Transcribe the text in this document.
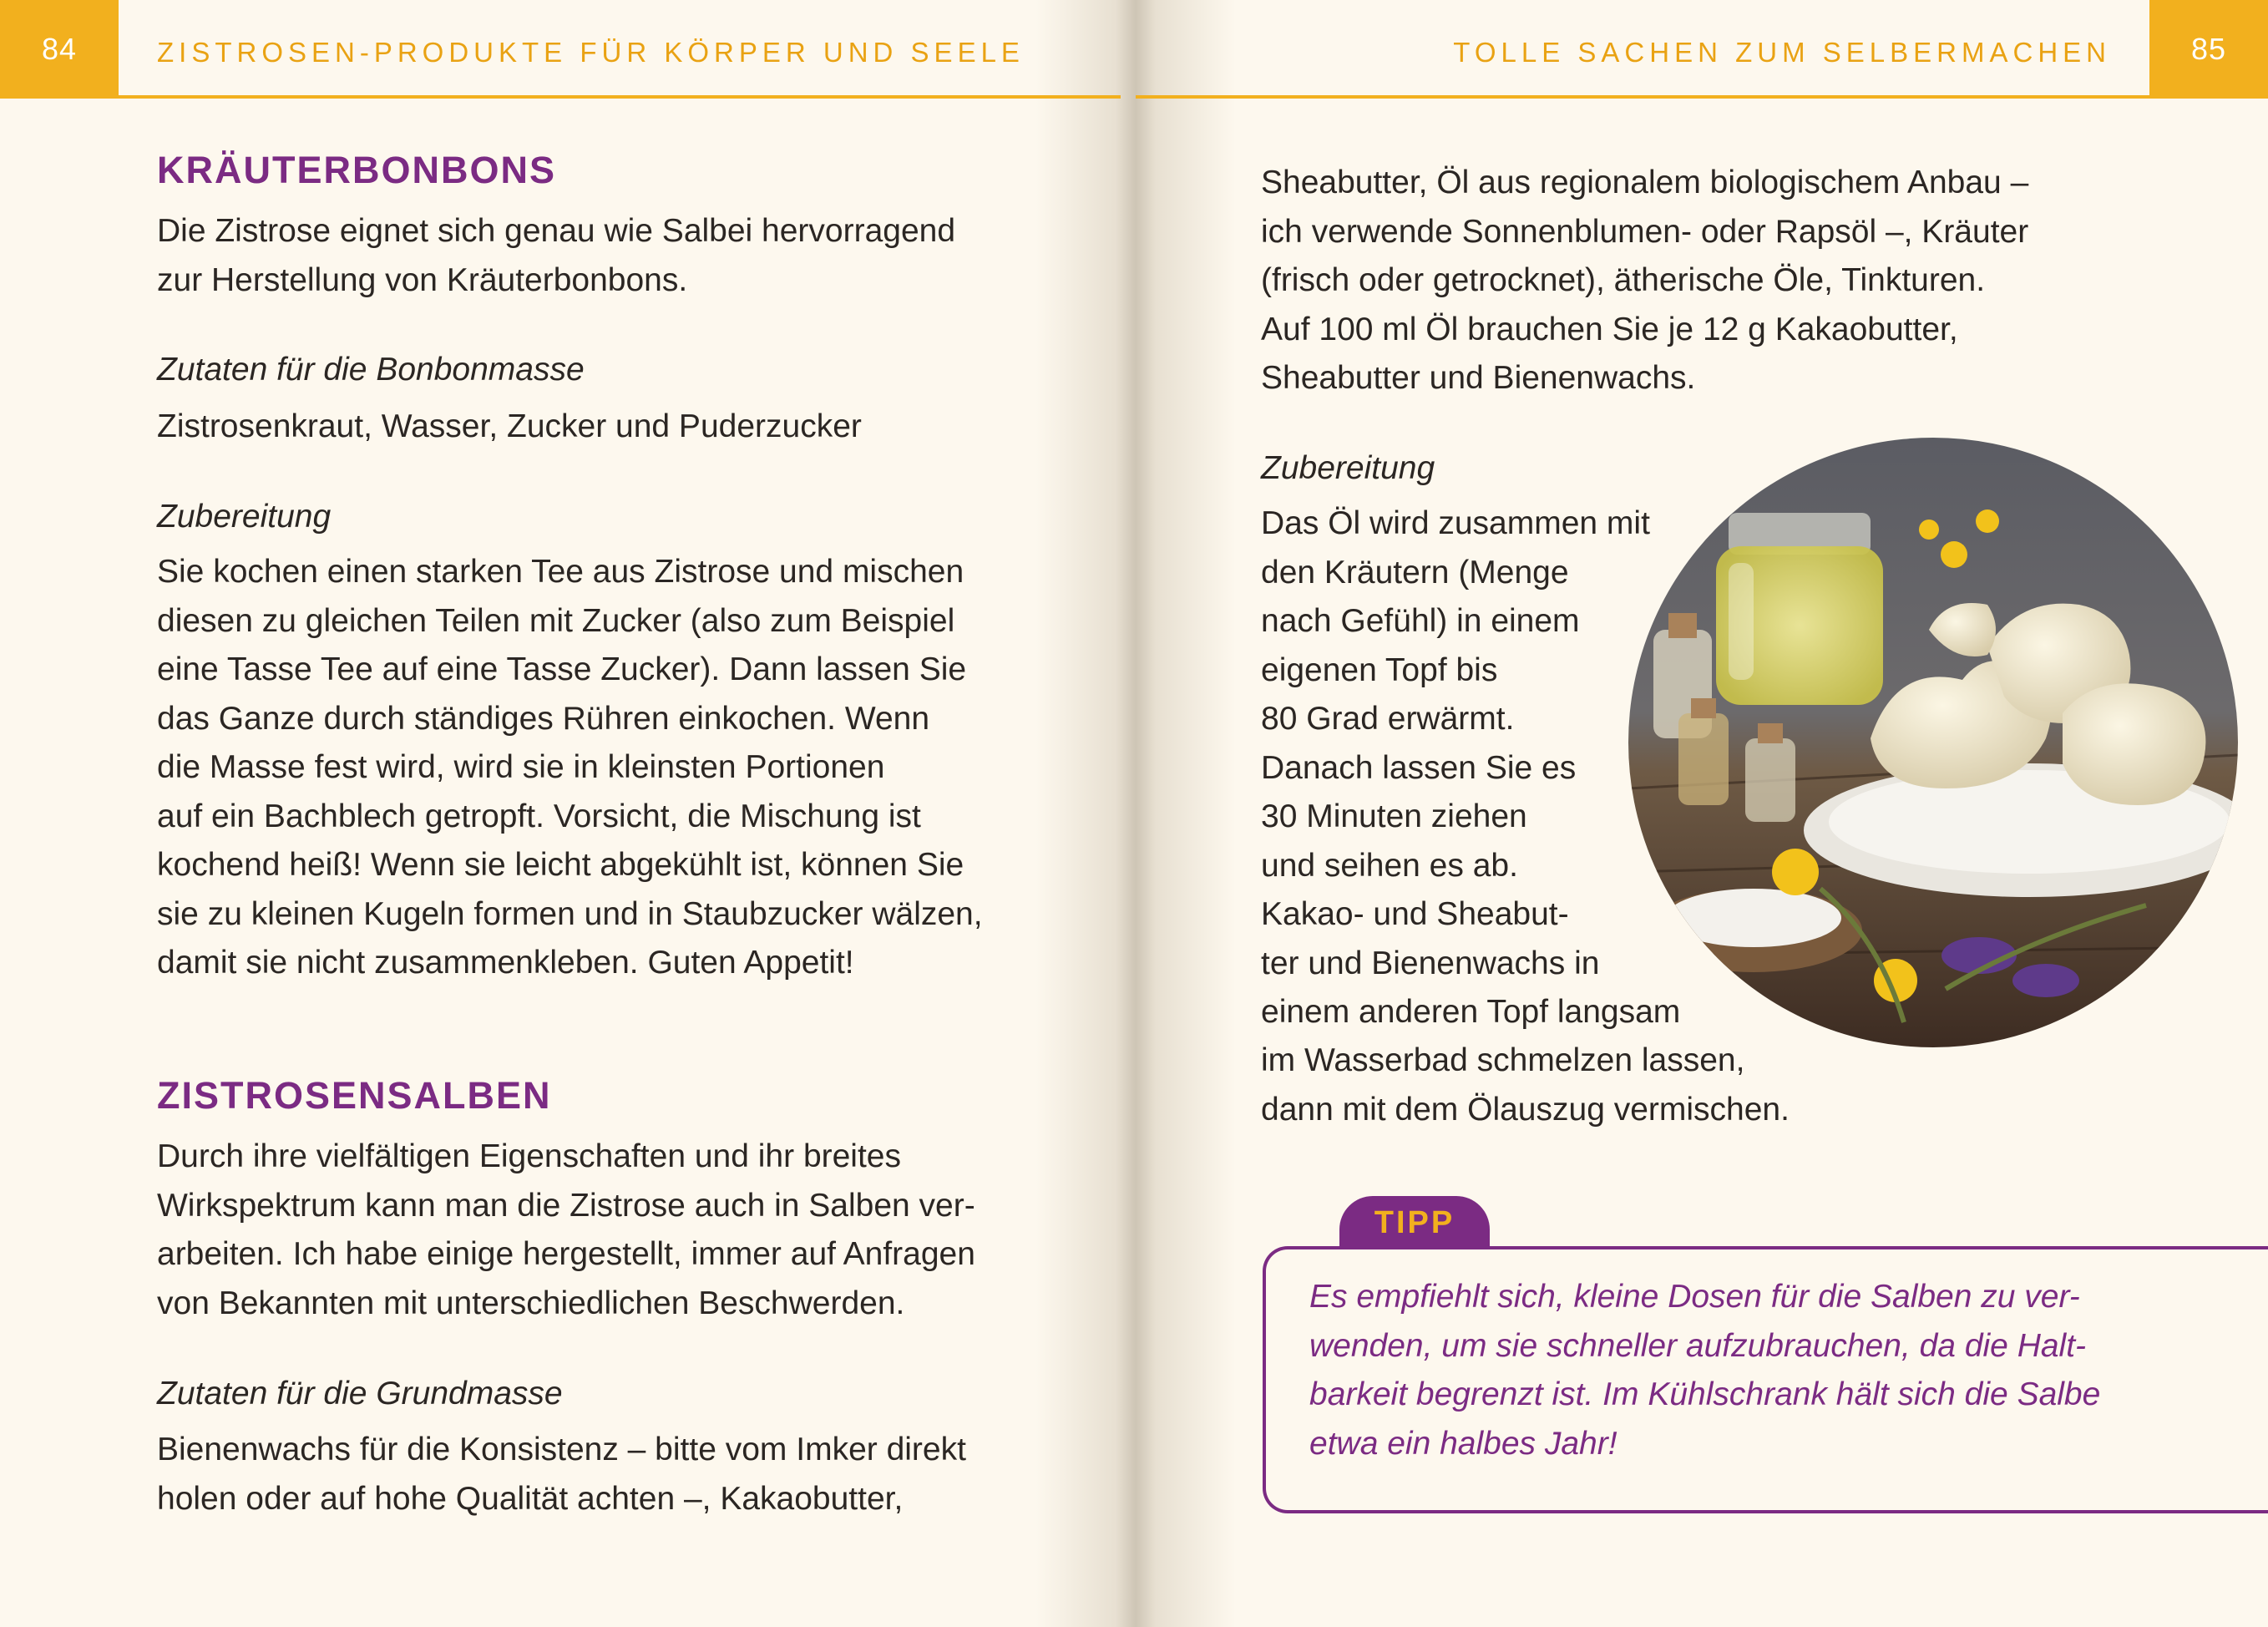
84	ZISTROSEN-PRODUKTE FÜR KÖRPER UND SEELE	TOLLE SACHEN ZUM SELBERMACHEN	85
KRÄUTERBONBONS
Die Zistrose eignet sich genau wie Salbei hervorragend
zur Herstellung von Kräuterbonbons.
Zutaten für die Bonbonmasse
Zistrosenkraut, Wasser, Zucker und Puderzucker
Zubereitung
Sie kochen einen starken Tee aus Zistrose und mischen
diesen zu gleichen Teilen mit Zucker (also zum Beispiel
eine Tasse Tee auf eine Tasse Zucker). Dann lassen Sie
das Ganze durch ständiges Rühren einkochen. Wenn
die Masse fest wird, wird sie in kleinsten Portionen
auf ein Bachblech getropft. Vorsicht, die Mischung ist
kochend heiß! Wenn sie leicht abgekühlt ist, können Sie
sie zu kleinen Kugeln formen und in Staubzucker wälzen,
damit sie nicht zusammenkleben. Guten Appetit!
ZISTROSENSALBEN
Durch ihre vielfältigen Eigenschaften und ihr breites
Wirkspektrum kann man die Zistrose auch in Salben ver-
arbeiten. Ich habe einige hergestellt, immer auf Anfragen
von Bekannten mit unterschiedlichen Beschwerden.
Zutaten für die Grundmasse
Bienenwachs für die Konsistenz – bitte vom Imker direkt
holen oder auf hohe Qualität achten –, Kakaobutter,
Sheabutter, Öl aus regionalem biologischem Anbau –
ich verwende Sonnenblumen- oder Rapsöl –, Kräuter
(frisch oder getrocknet), ätherische Öle, Tinkturen.
Auf 100 ml Öl brauchen Sie je 12 g Kakaobutter,
Sheabutter und Bienenwachs.
Zubereitung
Das Öl wird zusammen mit
den Kräutern (Menge
nach Gefühl) in einem
eigenen Topf bis
80 Grad erwärmt.
Danach lassen Sie es
30 Minuten ziehen
und seihen es ab.
Kakao- und Sheabut-
ter und Bienenwachs in
einem anderen Topf langsam
im Wasserbad schmelzen lassen,
dann mit dem Ölauszug vermischen.
TIPP
Es empfiehlt sich, kleine Dosen für die Salben zu ver-
wenden, um sie schneller aufzubrauchen, da die Halt-
barkeit begrenzt ist. Im Kühlschrank hält sich die Salbe
etwa ein halbes Jahr!
